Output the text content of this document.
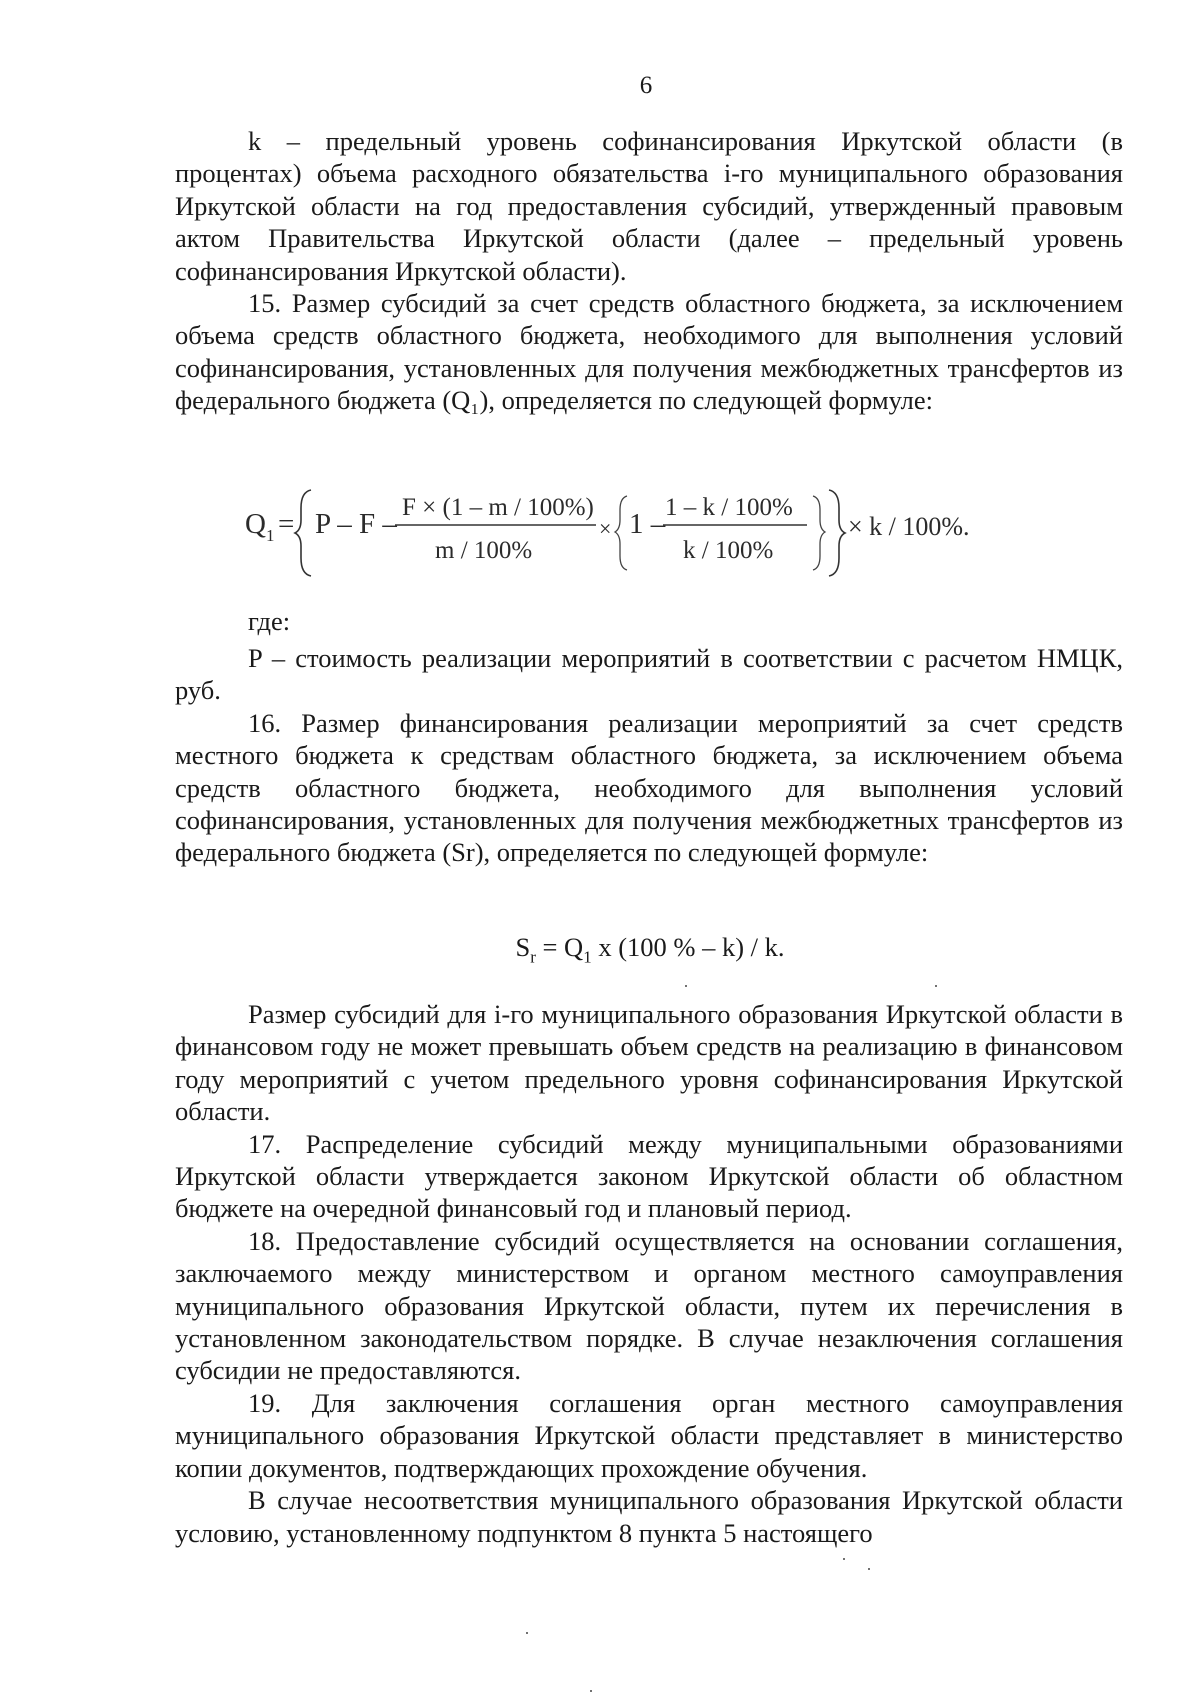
6

k – предельный уровень софинансирования Иркутской области (в процентах) объема расходного обязательства i-го муниципального образования Иркутской области на год предоставления субсидий, утвержденный правовым актом Правительства Иркутской области (далее – предельный уровень софинансирования Иркутской области).

15. Размер субсидий за счет средств областного бюджета, за исключением объема средств областного бюджета, необходимого для выполнения условий софинансирования, установленных для получения межбюджетных трансфертов из федерального бюджета (Q₁), определяется по следующей формуле:

Q 1 = P – F –
F × (1 – m / 100%)
m / 100%
× 1 –
1 – k / 100%
k / 100%
× k / 100%.
где:

P – стоимость реализации мероприятий в соответствии с расчетом НМЦК, руб.

16. Размер финансирования реализации мероприятий за счет средств местного бюджета к средствам областного бюджета, за исключением объема средств областного бюджета, необходимого для выполнения условий софинансирования, установленных для получения межбюджетных трансфертов из федерального бюджета (Sr), определяется по следующей формуле:

$S_r = Q_1$ x (100 % – k) / k.

Размер субсидий для i-го муниципального образования Иркутской области в финансовом году не может превышать объем средств на реализацию в финансовом году мероприятий с учетом предельного уровня софинансирования Иркутской области.

17. Распределение субсидий между муниципальными образованиями Иркутской области утверждается законом Иркутской области об областном бюджете на очередной финансовый год и плановый период.

18. Предоставление субсидий осуществляется на основании соглашения, заключаемого между министерством и органом местного самоуправления муниципального образования Иркутской области, путем их перечисления в установленном законодательством порядке. В случае незаключения соглашения субсидии не предоставляются.

19. Для заключения соглашения орган местного самоуправления муниципального образования Иркутской области представляет в министерство копии документов, подтверждающих прохождение обучения.

В случае несоответствия муниципального образования Иркутской области условию, установленному подпунктом 8 пункта 5 настоящего
